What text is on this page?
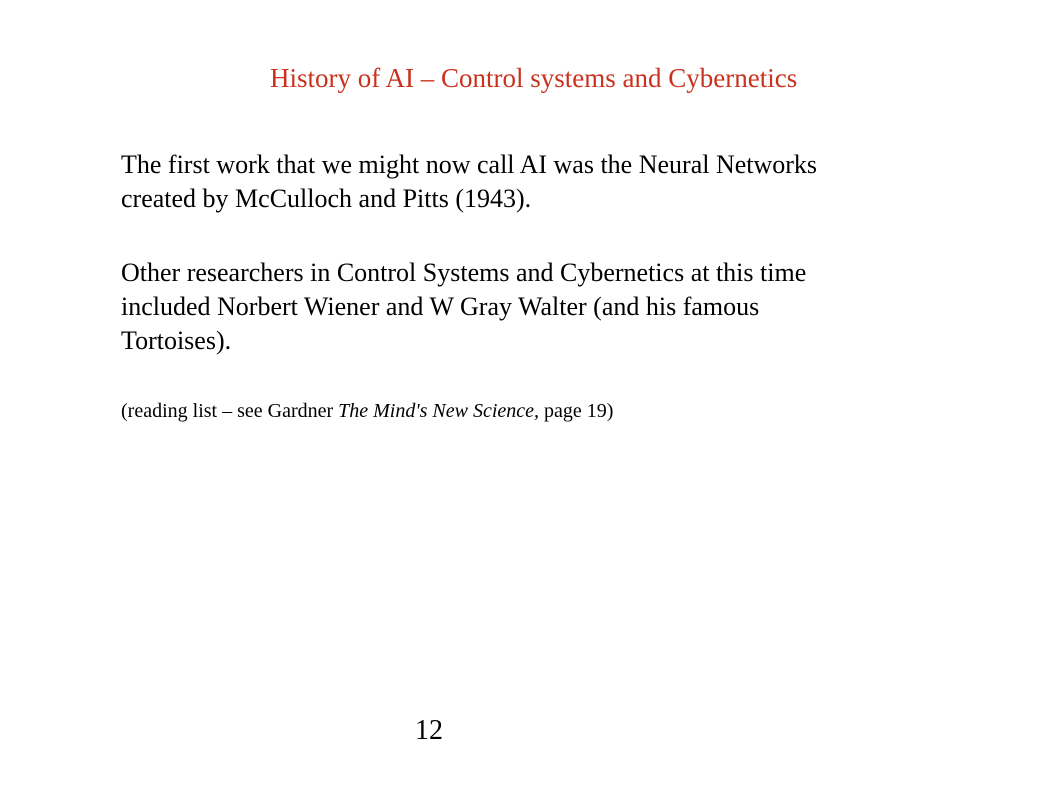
History of AI – Control systems and Cybernetics
The first work that we might now call AI was the Neural Networks
created by McCulloch and Pitts (1943).
Other researchers in Control Systems and Cybernetics at this time
included Norbert Wiener and W Gray Walter (and his famous
Tortoises).
(reading list – see Gardner The Mind's New Science, page 19)
12
